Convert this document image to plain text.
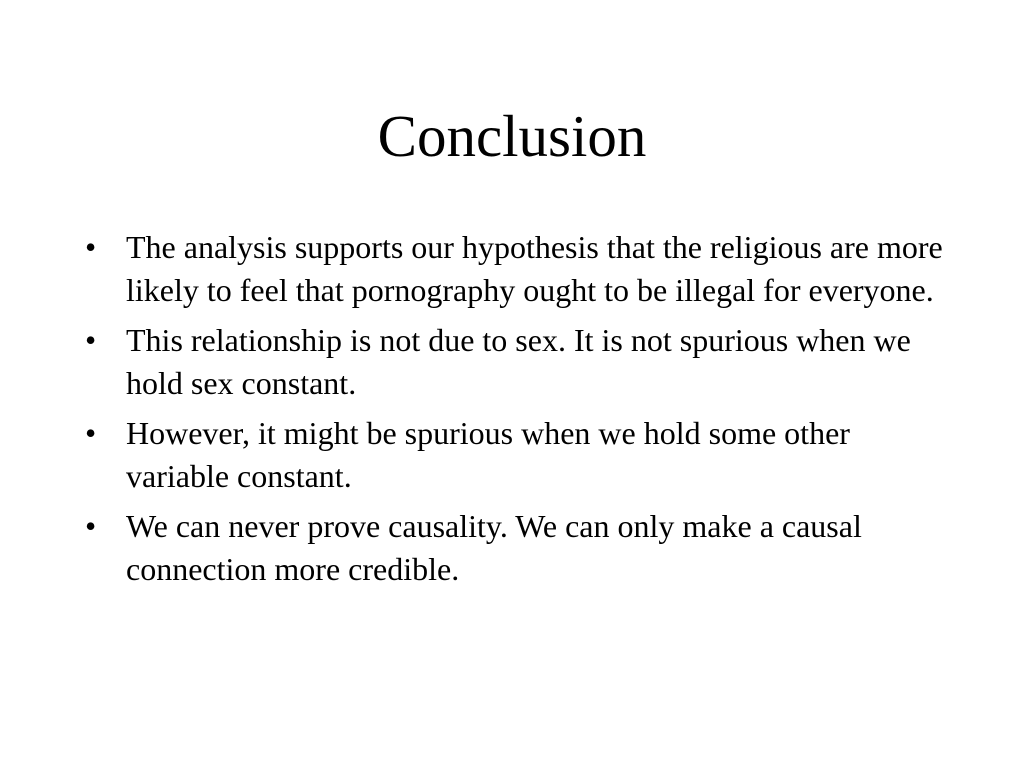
Conclusion
• The analysis supports our hypothesis that the religious are more likely to feel that pornography ought to be illegal for everyone.
• This relationship is not due to sex. It is not spurious when we hold sex constant.
• However, it might be spurious when we hold some other variable constant.
• We can never prove causality. We can only make a causal connection more credible.
